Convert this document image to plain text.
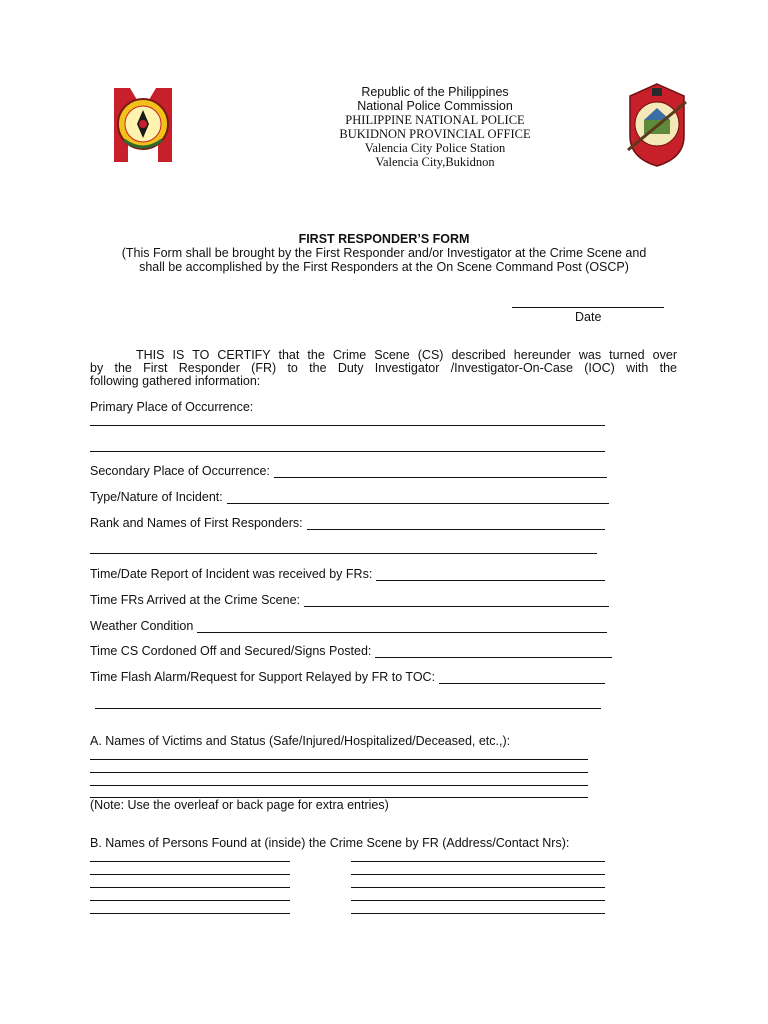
Republic of the Philippines
National Police Commission
PHILIPPINE NATIONAL POLICE
BUKIDNON PROVINCIAL OFFICE
Valencia City Police Station
Valencia City,Bukidnon
FIRST RESPONDER’S FORM
(This Form shall be brought by the First Responder and/or Investigator at the Crime Scene and
shall be accomplished by the First Responders at the On Scene Command Post (OSCP)
Date
THIS IS TO CERTIFY that the Crime Scene (CS) described hereunder was turned over
by the First Responder (FR) to the Duty Investigator /Investigator-On-Case (IOC) with the
following gathered information:
Primary Place of Occurrence:
Secondary Place of Occurrence:
Type/Nature of Incident:
Rank and Names of First Responders:
Time/Date Report of Incident was received by FRs:
Time FRs Arrived at the Crime Scene:
Weather Condition
Time CS Cordoned Off and Secured/Signs Posted:
Time Flash Alarm/Request for Support Relayed by FR to TOC:
A. Names of Victims and Status (Safe/Injured/Hospitalized/Deceased, etc.,):
(Note: Use the overleaf or back page for extra entries)
B. Names of Persons Found at (inside) the Crime Scene by FR (Address/Contact Nrs):
